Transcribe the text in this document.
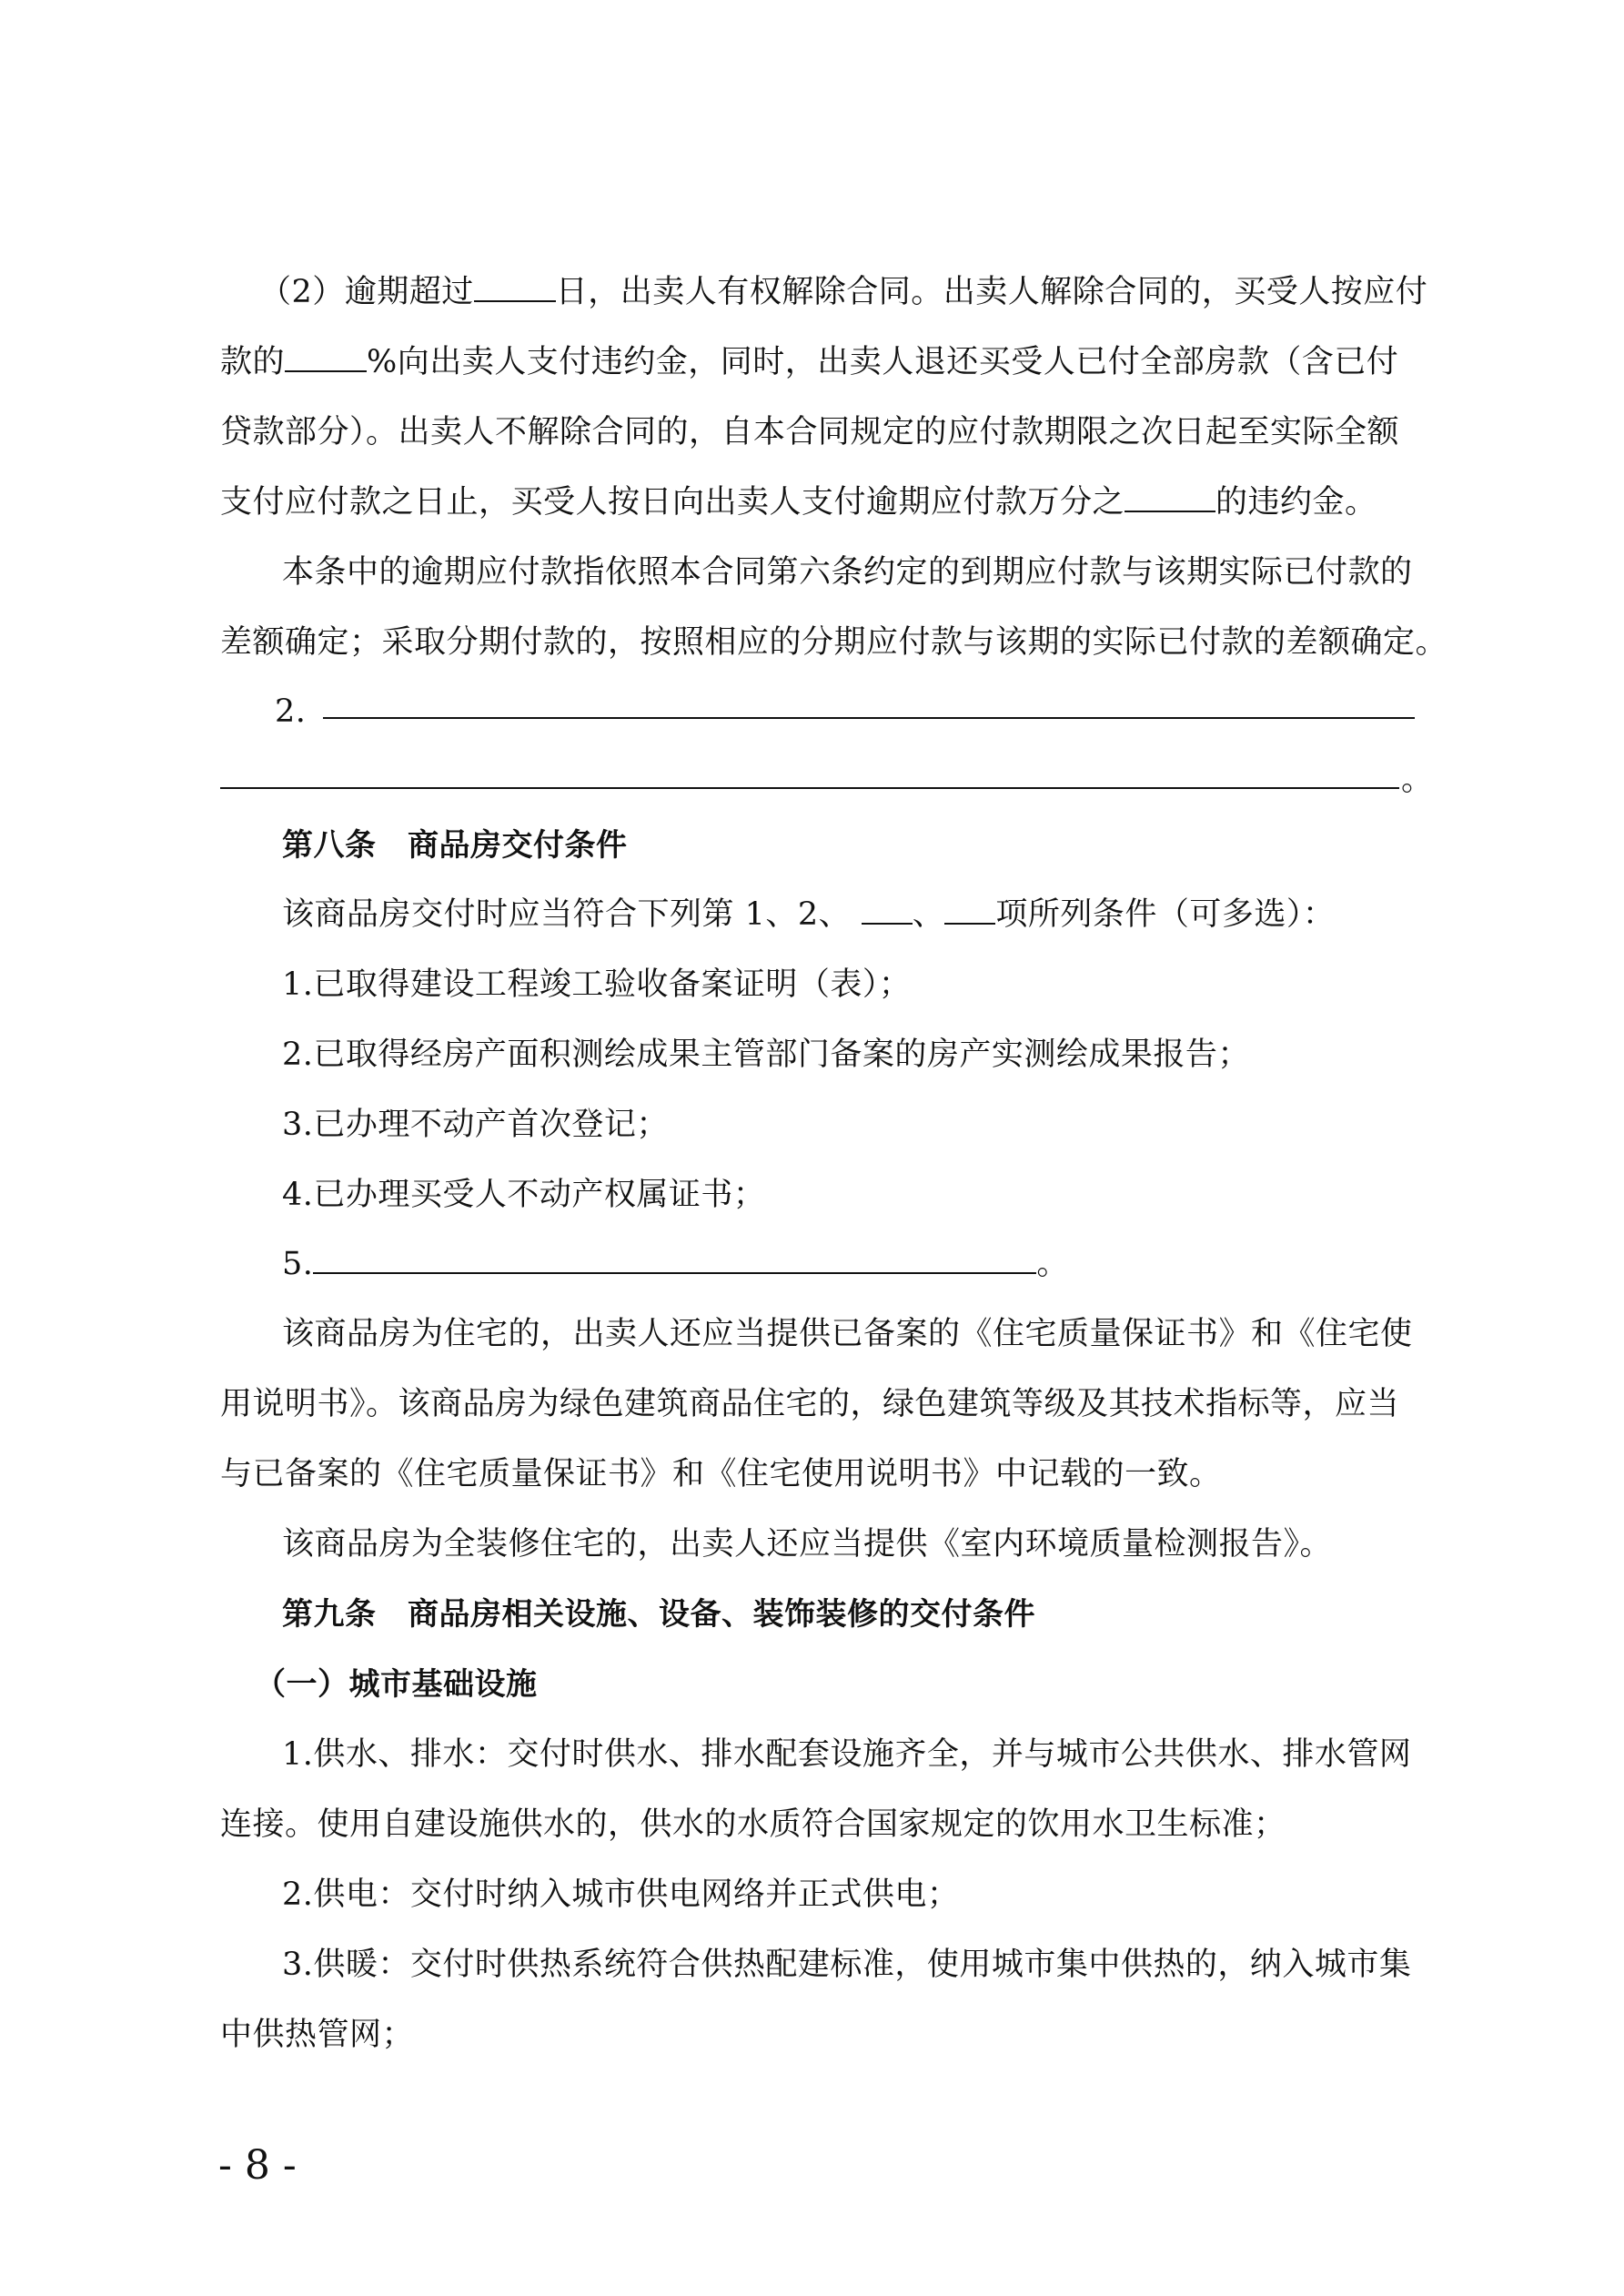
（2）逾期超过	日，出卖人有权解除合同。出卖人解除合同的，买受人按应付
款的	%向出卖人支付违约金，同时，出卖人退还买受人已付全部房款（含已付
贷款部分）。出卖人不解除合同的，自本合同规定的应付款期限之次日起至实际全额
支付应付款之日止，买受人按日向出卖人支付逾期应付款万分之	的违约金。
本条中的逾期应付款指依照本合同第六条约定的到期应付款与该期实际已付款的
差额确定；采取分期付款的，按照相应的分期应付款与该期的实际已付款的差额确定。
2.
。
第八条　商品房交付条件
该商品房交付时应当符合下列第 1、2、 、 项所列条件（可多选）：
1.已取得建设工程竣工验收备案证明（表）；
2.已取得经房产面积测绘成果主管部门备案的房产实测绘成果报告；
3.已办理不动产首次登记；
4.已办理买受人不动产权属证书；
5.	。
该商品房为住宅的，出卖人还应当提供已备案的《住宅质量保证书》和《住宅使
用说明书》。该商品房为绿色建筑商品住宅的，绿色建筑等级及其技术指标等，应当
与已备案的《住宅质量保证书》和《住宅使用说明书》中记载的一致。
该商品房为全装修住宅的，出卖人还应当提供《室内环境质量检测报告》。
第九条　商品房相关设施、设备、装饰装修的交付条件
（一）城市基础设施
1.供水、排水：交付时供水、排水配套设施齐全，并与城市公共供水、排水管网
连接。使用自建设施供水的，供水的水质符合国家规定的饮用水卫生标准；
2.供电：交付时纳入城市供电网络并正式供电；
3.供暖：交付时供热系统符合供热配建标准，使用城市集中供热的，纳入城市集
中供热管网；
- 8 -
